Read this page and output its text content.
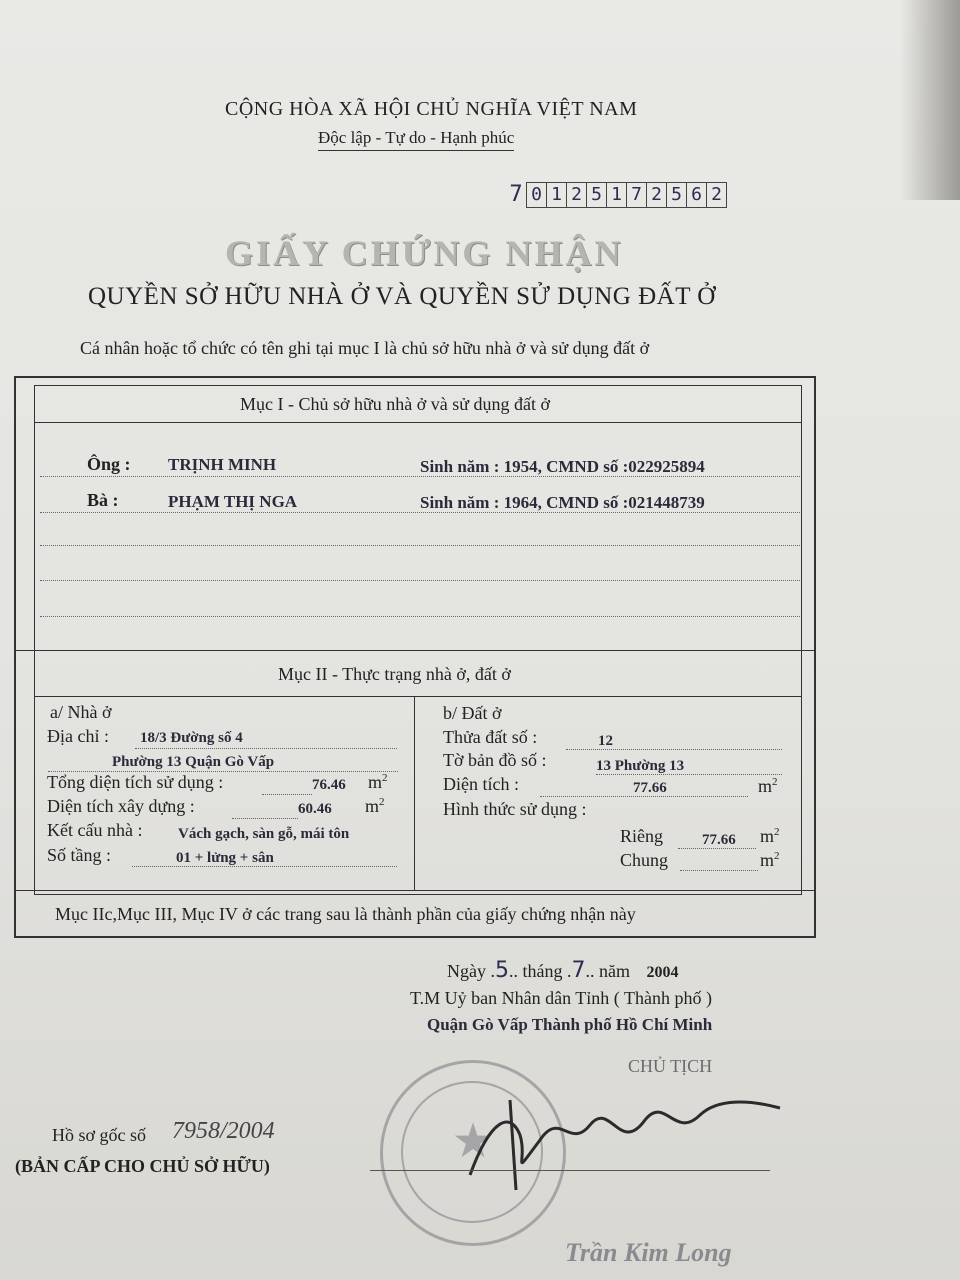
CỘNG HÒA XÃ HỘI CHỦ NGHĨA VIỆT NAM
Độc lập - Tự do - Hạnh phúc
7 0 1 2 5 1 7 2 5 6 2
GIẤY CHỨNG NHẬN
QUYỀN SỞ HỮU NHÀ Ở VÀ QUYỀN SỬ DỤNG ĐẤT Ở
Cá nhân hoặc tổ chức có tên ghi tại mục I là chủ sở hữu nhà ở và sử dụng đất ở
Mục I - Chủ sở hữu nhà ở và sử dụng đất ở
Ông : TRỊNH MINH	Sinh năm : 1954, CMND số :022925894
Bà :	PHẠM THỊ NGA	Sinh năm : 1964, CMND số :021448739
Mục II - Thực trạng nhà ở, đất ở
a/ Nhà ở
Địa chỉ : 18/3 Đường số 4
Phường 13 Quận Gò Vấp
Tổng diện tích sử dụng :	76.46 $m^2$
Diện tích xây dựng :	60.46 $m^2$
Kết cấu nhà : Vách gạch, sàn gỗ, mái tôn
Số tầng :	01 + lửng + sân
b/ Đất ở
Thửa đất số :	12
Tờ bản đồ số :	13 Phường 13
Diện tích :	77.66	$m^2$
Hình thức sử dụng :
Riêng	77.66 $m^2$
Chung	$m^2$
Mục IIc,Mục III, Mục IV ở các trang sau là thành phần của giấy chứng nhận này
Ngày .5.. tháng .7.. năm 2004
T.M Uỷ ban Nhân dân Tỉnh ( Thành phố )
Quận Gò Vấp Thành phố Hồ Chí Minh
CHỦ TỊCH
★
Trần Kim Long
Hồ sơ gốc số 7958/2004
(BẢN CẤP CHO CHỦ SỞ HỮU)
